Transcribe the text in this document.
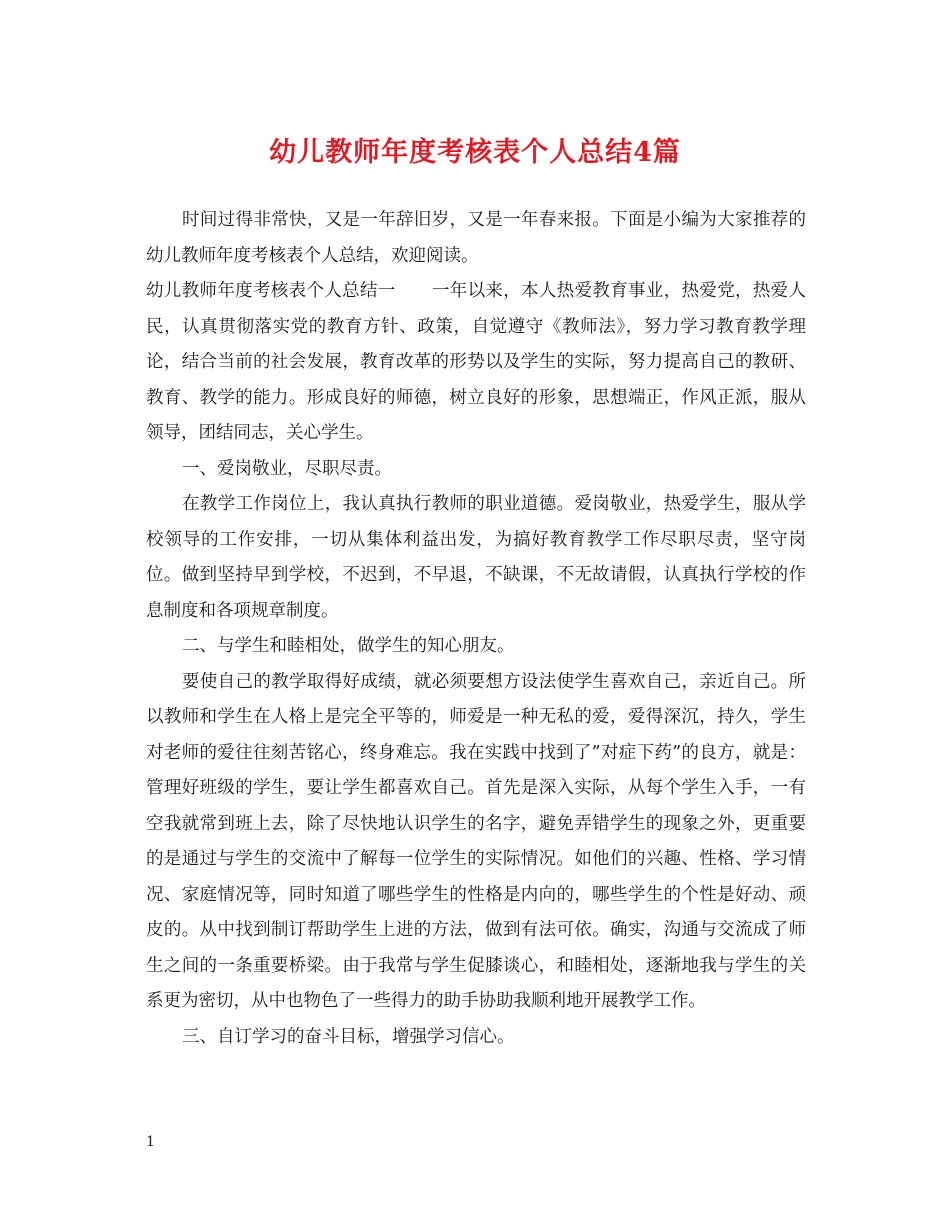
幼儿教师年度考核表个人总结4篇

时间过得非常快，又是一年辞旧岁，又是一年春来报。下面是小编为大家推荐的幼儿教师年度考核表个人总结，欢迎阅读。

幼儿教师年度考核表个人总结一 一年以来，本人热爱教育事业，热爱党，热爱人民，认真贯彻落实党的教育方针、政策，自觉遵守《教师法》，努力学习教育教学理论，结合当前的社会发展，教育改革的形势以及学生的实际，努力提高自己的教研、教育、教学的能力。形成良好的师德，树立良好的形象，思想端正，作风正派，服从领导，团结同志，关心学生。

一、爱岗敬业，尽职尽责。

在教学工作岗位上，我认真执行教师的职业道德。爱岗敬业，热爱学生，服从学校领导的工作安排，一切从集体利益出发，为搞好教育教学工作尽职尽责，坚守岗位。做到坚持早到学校，不迟到，不早退，不缺课，不无故请假，认真执行学校的作息制度和各项规章制度。

二、与学生和睦相处，做学生的知心朋友。

要使自己的教学取得好成绩，就必须要想方设法使学生喜欢自己，亲近自己。所以教师和学生在人格上是完全平等的，师爱是一种无私的爱，爱得深沉，持久，学生对老师的爱往往刻苦铭心，终身难忘。我在实践中找到了”对症下药”的良方，就是：管理好班级的学生，要让学生都喜欢自己。首先是深入实际，从每个学生入手，一有空我就常到班上去，除了尽快地认识学生的名字，避免弄错学生的现象之外，更重要的是通过与学生的交流中了解每一位学生的实际情况。如他们的兴趣、性格、学习情况、家庭情况等，同时知道了哪些学生的性格是内向的，哪些学生的个性是好动、顽皮的。从中找到制订帮助学生上进的方法，做到有法可依。确实，沟通与交流成了师生之间的一条重要桥梁。由于我常与学生促膝谈心，和睦相处，逐渐地我与学生的关系更为密切，从中也物色了一些得力的助手协助我顺利地开展教学工作。

三、自订学习的奋斗目标，增强学习信心。

1
